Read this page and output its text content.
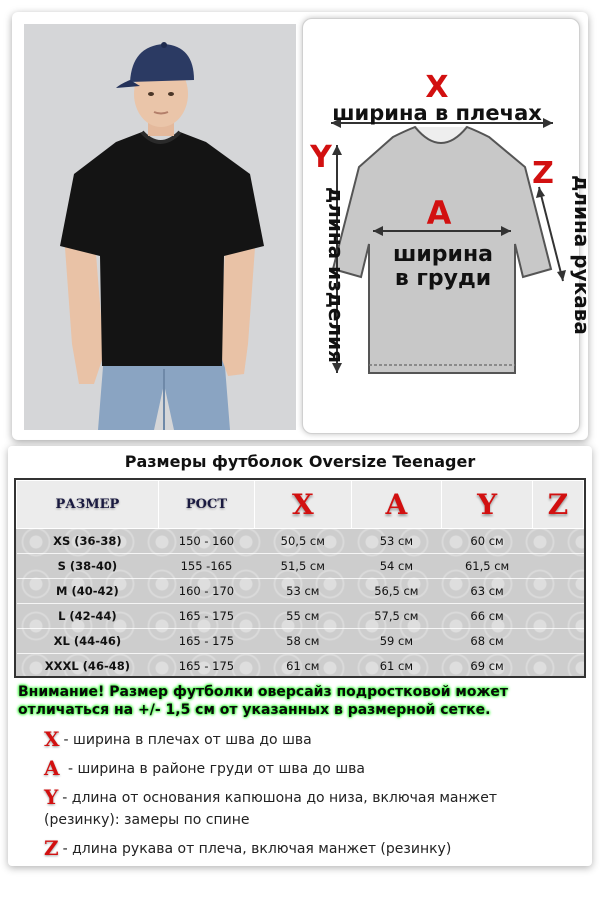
X
ширина в плечах
Y	Z
A
ширина
в груди
длина изделия	длина рукава
Размеры футболок Oversize Teenager
РАЗМЕР	РОСТ	X	A	Y	Z
XS (36-38)	150 - 160	50,5 см	53 см	60 см	
S (38-40)	155 -165	51,5 см	54 см	61,5 см	
M (40-42)	160 - 170	53 см	56,5 см	63 см	
L (42-44)	165 - 175	55 см	57,5 см	66 см	
XL (44-46)	165 - 175	58 см	59 см	68 см	
XXXL (46-48)	165 - 175	61 см	61 см	69 см	
Внимание! Размер футболки оверсайз подростковой может
отличаться на +/- 1,5 см от указанных в размерной сетке.
X - ширина в плечах от шва до шва
A - ширина в районе груди от шва до шва
Y - длина от основания капюшона до низа, включая манжет (резинку): замеры по спине
Z - длина рукава от плеча, включая манжет (резинку)
